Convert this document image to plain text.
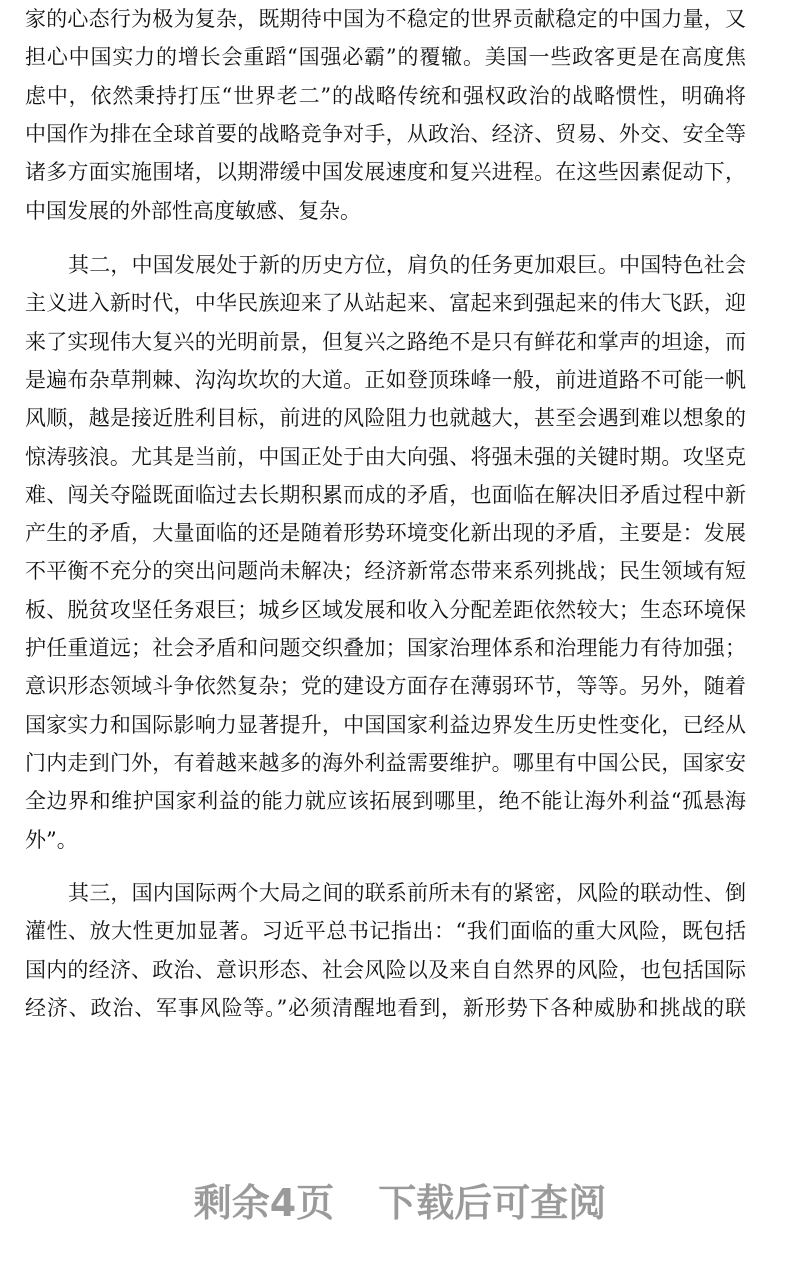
家的心态行为极为复杂，既期待中国为不稳定的世界贡献稳定的中国力量，又
担心中国实力的增长会重蹈“国强必霸”的覆辙。美国一些政客更是在高度焦
虑中，依然秉持打压“世界老二”的战略传统和强权政治的战略惯性，明确将
中国作为排在全球首要的战略竞争对手，从政治、经济、贸易、外交、安全等
诸多方面实施围堵，以期滞缓中国发展速度和复兴进程。在这些因素促动下，
中国发展的外部性高度敏感、复杂。
其二，中国发展处于新的历史方位，肩负的任务更加艰巨。中国特色社会
主义进入新时代，中华民族迎来了从站起来、富起来到强起来的伟大飞跃，迎
来了实现伟大复兴的光明前景，但复兴之路绝不是只有鲜花和掌声的坦途，而
是遍布杂草荆棘、沟沟坎坎的大道。正如登顶珠峰一般，前进道路不可能一帆
风顺，越是接近胜利目标，前进的风险阻力也就越大，甚至会遇到难以想象的
惊涛骇浪。尤其是当前，中国正处于由大向强、将强未强的关键时期。攻坚克
难、闯关夺隘既面临过去长期积累而成的矛盾，也面临在解决旧矛盾过程中新
产生的矛盾，大量面临的还是随着形势环境变化新出现的矛盾，主要是：发展
不平衡不充分的突出问题尚未解决；经济新常态带来系列挑战；民生领域有短
板、脱贫攻坚任务艰巨；城乡区域发展和收入分配差距依然较大；生态环境保
护任重道远；社会矛盾和问题交织叠加；国家治理体系和治理能力有待加强；
意识形态领域斗争依然复杂；党的建设方面存在薄弱环节，等等。另外，随着
国家实力和国际影响力显著提升，中国国家利益边界发生历史性变化，已经从
门内走到门外，有着越来越多的海外利益需要维护。哪里有中国公民，国家安
全边界和维护国家利益的能力就应该拓展到哪里，绝不能让海外利益“孤悬海
外”。
其三，国内国际两个大局之间的联系前所未有的紧密，风险的联动性、倒
灌性、放大性更加显著。习近平总书记指出：“我们面临的重大风险，既包括
国内的经济、政治、意识形态、社会风险以及来自自然界的风险，也包括国际
经济、政治、军事风险等。”必须清醒地看到，新形势下各种威胁和挑战的联
剩余4页 下载后可查阅
